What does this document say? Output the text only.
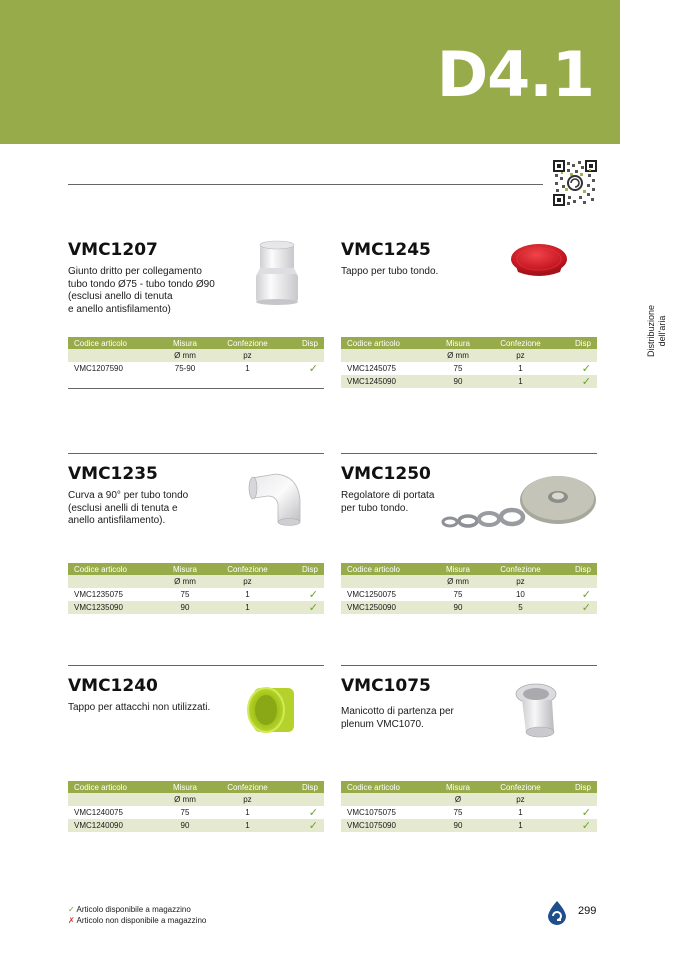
D4.1
Distribuzione dell'aria
VMC1207
Giunto dritto per collegamento
tubo tondo Ø75 - tubo tondo Ø90
(esclusi anello di tenuta
e anello antisfilamento)
Codice articolo	Misura	Confezione	Disp
	Ø mm	pz	
VMC1207590	75-90	1	✓
VMC1245
Tappo per tubo tondo.
Codice articolo	Misura	Confezione	Disp
	Ø mm	pz	
VMC1245075	75	1	✓
VMC1245090	90	1	✓
VMC1235
Curva a 90° per tubo tondo
(esclusi anelli di tenuta e
anello antisfilamento).
Codice articolo	Misura	Confezione	Disp
	Ø mm	pz	
VMC1235075	75	1	✓
VMC1235090	90	1	✓
VMC1250
Regolatore di portata
per tubo tondo.
Codice articolo	Misura	Confezione	Disp
	Ø mm	pz	
VMC1250075	75	10	✓
VMC1250090	90	5	✓
VMC1240
Tappo per attacchi non utilizzati.
Codice articolo	Misura	Confezione	Disp
	Ø mm	pz	
VMC1240075	75	1	✓
VMC1240090	90	1	✓
VMC1075
Manicotto di partenza per
plenum VMC1070.
Codice articolo	Misura	Confezione	Disp
	Ø	pz	
VMC1075075	75	1	✓
VMC1075090	90	1	✓
✓ Articolo disponibile a magazzino
✗ Articolo non disponibile a magazzino
299
